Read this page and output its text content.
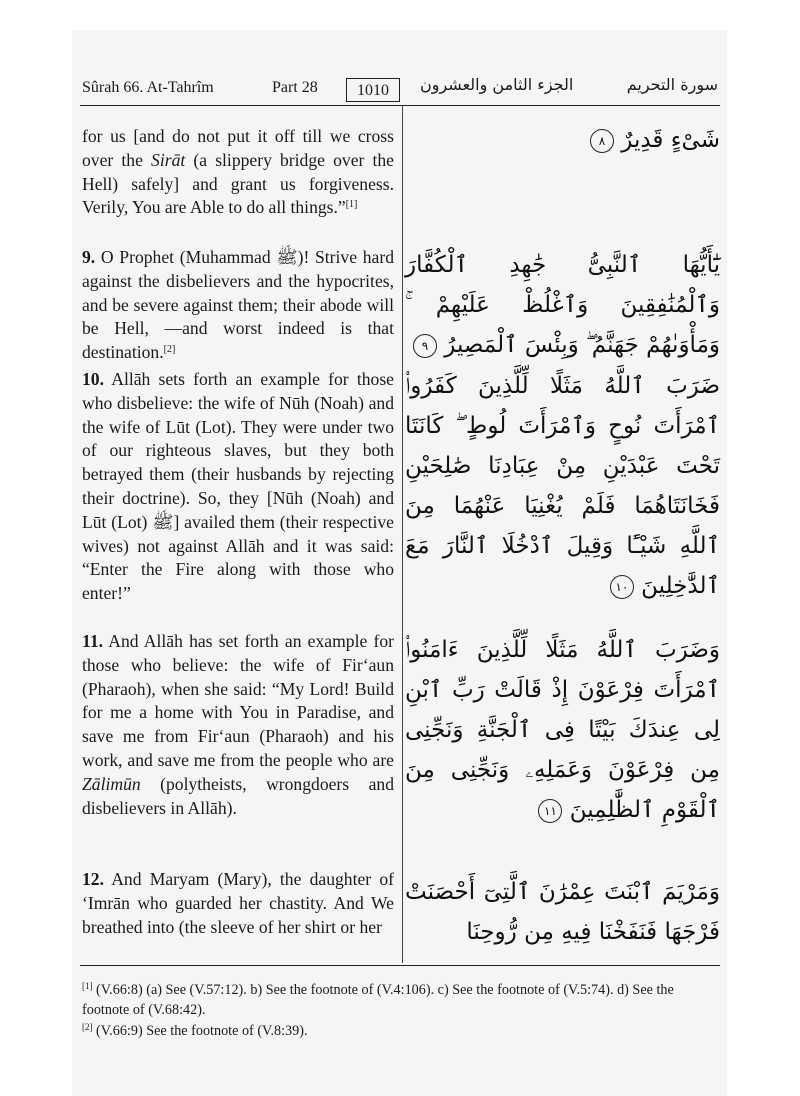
Sûrah 66. At-Tahrîm	Part 28	1010	الجزء الثامن والعشرون	سورة التحريم
for us [and do not put it off till we cross over the Sirāt (a slippery bridge over the Hell) safely] and grant us forgiveness. Verily, You are Able to do all things.”[1]
شَىْءٍ قَدِيرٌ ٨
9. O Prophet (Muhammad ﷺ)! Strive hard against the disbelievers and the hypocrites, and be severe against them; their abode will be Hell, —and worst indeed is that destination.[2]
يَٰٓأَيُّهَا ٱلنَّبِىُّ جَٰهِدِ ٱلْكُفَّارَ وَٱلْمُنَٰفِقِينَ وَٱغْلُظْ عَلَيْهِمْ ۚ وَمَأْوَىٰهُمْ جَهَنَّمُ ۖ وَبِئْسَ ٱلْمَصِيرُ ٩
10. Allāh sets forth an example for those who disbelieve: the wife of Nūh (Noah) and the wife of Lūt (Lot). They were under two of our righteous slaves, but they both betrayed them (their husbands by rejecting their doctrine). So, they [Nūh (Noah) and Lūt (Lot) ﷺ] availed them (their respective wives) not against Allāh and it was said: “Enter the Fire along with those who enter!”
ضَرَبَ ٱللَّهُ مَثَلًا لِّلَّذِينَ كَفَرُوا۟ ٱمْرَأَتَ نُوحٍ وَٱمْرَأَتَ لُوطٍ ۖ كَانَتَا تَحْتَ عَبْدَيْنِ مِنْ عِبَادِنَا صَٰلِحَيْنِ فَخَانَتَاهُمَا فَلَمْ يُغْنِيَا عَنْهُمَا مِنَ ٱللَّهِ شَيْـًٔا وَقِيلَ ٱدْخُلَا ٱلنَّارَ مَعَ ٱلدَّٰخِلِينَ ١٠
11. And Allāh has set forth an example for those who believe: the wife of Fir‘aun (Pharaoh), when she said: “My Lord! Build for me a home with You in Paradise, and save me from Fir‘aun (Pharaoh) and his work, and save me from the people who are Zālimūn (polytheists, wrongdoers and disbelievers in Allāh).
وَضَرَبَ ٱللَّهُ مَثَلًا لِّلَّذِينَ ءَامَنُوا۟ ٱمْرَأَتَ فِرْعَوْنَ إِذْ قَالَتْ رَبِّ ٱبْنِ لِى عِندَكَ بَيْتًا فِى ٱلْجَنَّةِ وَنَجِّنِى مِن فِرْعَوْنَ وَعَمَلِهِۦ وَنَجِّنِى مِنَ ٱلْقَوْمِ ٱلظَّٰلِمِينَ ١١
12. And Maryam (Mary), the daughter of ‘Imrān who guarded her chastity. And We breathed into (the sleeve of her shirt or her
وَمَرْيَمَ ٱبْنَتَ عِمْرَٰنَ ٱلَّتِىٓ أَحْصَنَتْ فَرْجَهَا فَنَفَخْنَا فِيهِ مِن رُّوحِنَا
[1] (V.66:8) (a) See (V.57:12). b) See the footnote of (V.4:106). c) See the footnote of (V.5:74). d) See the footnote of (V.68:42).
[2] (V.66:9) See the footnote of (V.8:39).
